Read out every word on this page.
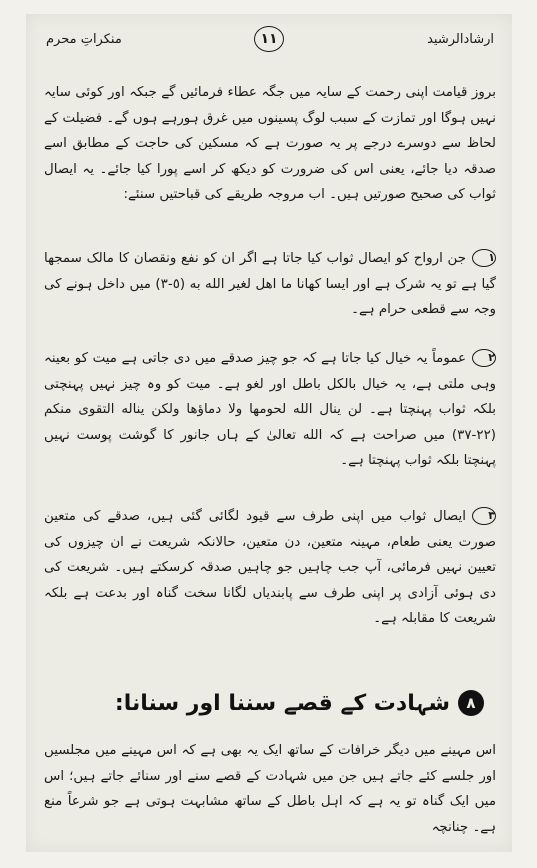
ارشادالرشید
١١
منکراتِ محرم

بروز قیامت اپنی رحمت کے سایہ میں جگہ عطاء فرمائیں گے جبکہ اور کوئی سایہ نہیں ہوگا اور تمازت کے سبب لوگ پسینوں میں غرق ہورہے ہوں گے۔ فضیلت کے لحاظ سے دوسرے درجے پر یہ صورت ہے کہ مسکین کی حاجت کے مطابق اسے صدقہ دیا جائے، یعنی اس کی ضرورت کو دیکھ کر اسے پورا کیا جائے۔ یہ ایصال ثواب کی صحیح صورتیں ہیں۔ اب مروجہ طریقے کی قباحتیں سنئے:

١جن ارواح کو ایصال ثواب کیا جاتا ہے اگر ان کو نفع ونقصان کا مالک سمجھا گیا ہے تو یہ شرک ہے اور ایسا کھانا ما اھل لغیر الله به (٥-٣) میں داخل ہونے کی وجہ سے قطعی حرام ہے۔

٢عموماً یہ خیال کیا جاتا ہے کہ جو چیز صدقے میں دی جاتی ہے میت کو بعینہ وہی ملتی ہے، یہ خیال بالکل باطل اور لغو ہے۔ میت کو وہ چیز نہیں پہنچتی بلکہ ثواب پہنچتا ہے۔ لن ینال الله لحومها ولا دماؤها ولکن یناله التقوی منکم (٢٢-٣٧) میں صراحت ہے کہ الله تعالیٰ کے ہاں جانور کا گوشت پوست نہیں پہنچتا بلکہ ثواب پہنچتا ہے۔

٣ایصال ثواب میں اپنی طرف سے قیود لگائی گئی ہیں، صدقے کی متعین صورت یعنی طعام، مہینہ متعین، دن متعین، حالانکہ شریعت نے ان چیزوں کی تعیین نہیں فرمائی، آپ جب چاہیں جو چاہیں صدقہ کرسکتے ہیں۔ شریعت کی دی ہوئی آزادی پر اپنی طرف سے پابندیاں لگانا سخت گناہ اور بدعت ہے بلکہ شریعت کا مقابلہ ہے۔

٨
شہادت کے قصے سننا اور سنانا:

اس مہینے میں دیگر خرافات کے ساتھ ایک یہ بھی ہے کہ اس مہینے میں مجلسیں اور جلسے کئے جاتے ہیں جن میں شہادت کے قصے سنے اور سنائے جاتے ہیں؛ اس میں ایک گناہ تو یہ ہے کہ اہل باطل کے ساتھ مشابہت ہوتی ہے جو شرعاً منع ہے۔ چنانچہ
